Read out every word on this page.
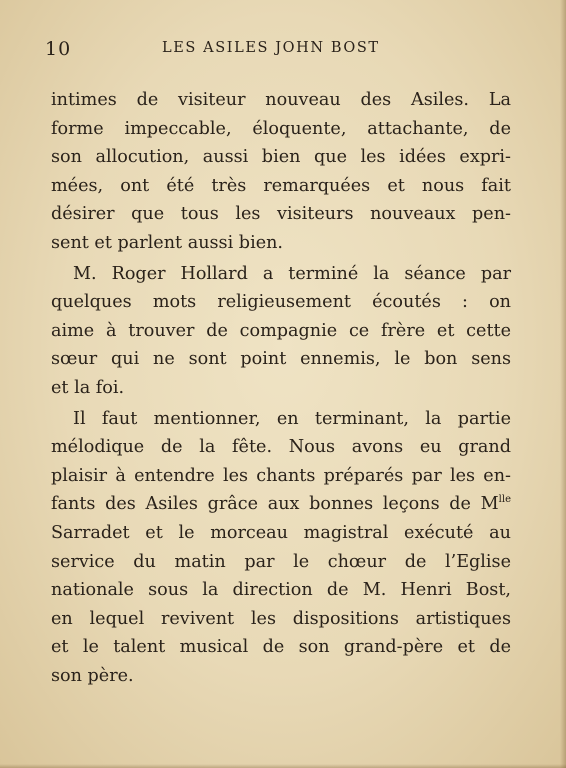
10	LES ASILES JOHN BOST
intimes de visiteur nouveau des Asiles. La
forme impeccable, éloquente, attachante, de
son allocution, aussi bien que les idées expri-
mées, ont été très remarquées et nous fait
désirer que tous les visiteurs nouveaux pen-
sent et parlent aussi bien.
M. Roger Hollard a terminé la séance par
quelques mots religieusement écoutés : on
aime à trouver de compagnie ce frère et cette
sœur qui ne sont point ennemis, le bon sens
et la foi.
Il faut mentionner, en terminant, la partie
mélodique de la fête. Nous avons eu grand
plaisir à entendre les chants préparés par les en-
fants des Asiles grâce aux bonnes leçons de $M^{lle}$
Sarradet et le morceau magistral exécuté au
service du matin par le chœur de l’Eglise
nationale sous la direction de M. Henri Bost,
en lequel revivent les dispositions artistiques
et le talent musical de son grand-père et de
son père.
